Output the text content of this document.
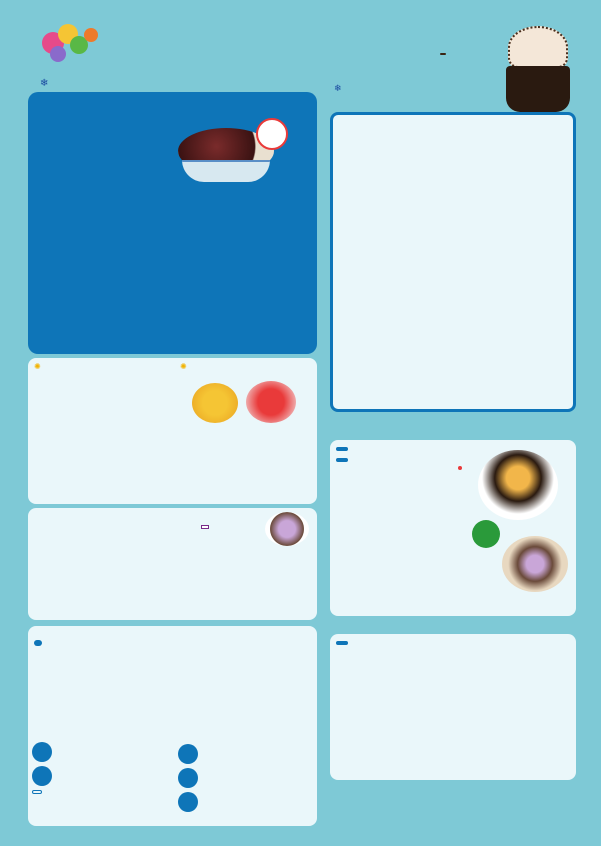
❄
✺	✺
❄
